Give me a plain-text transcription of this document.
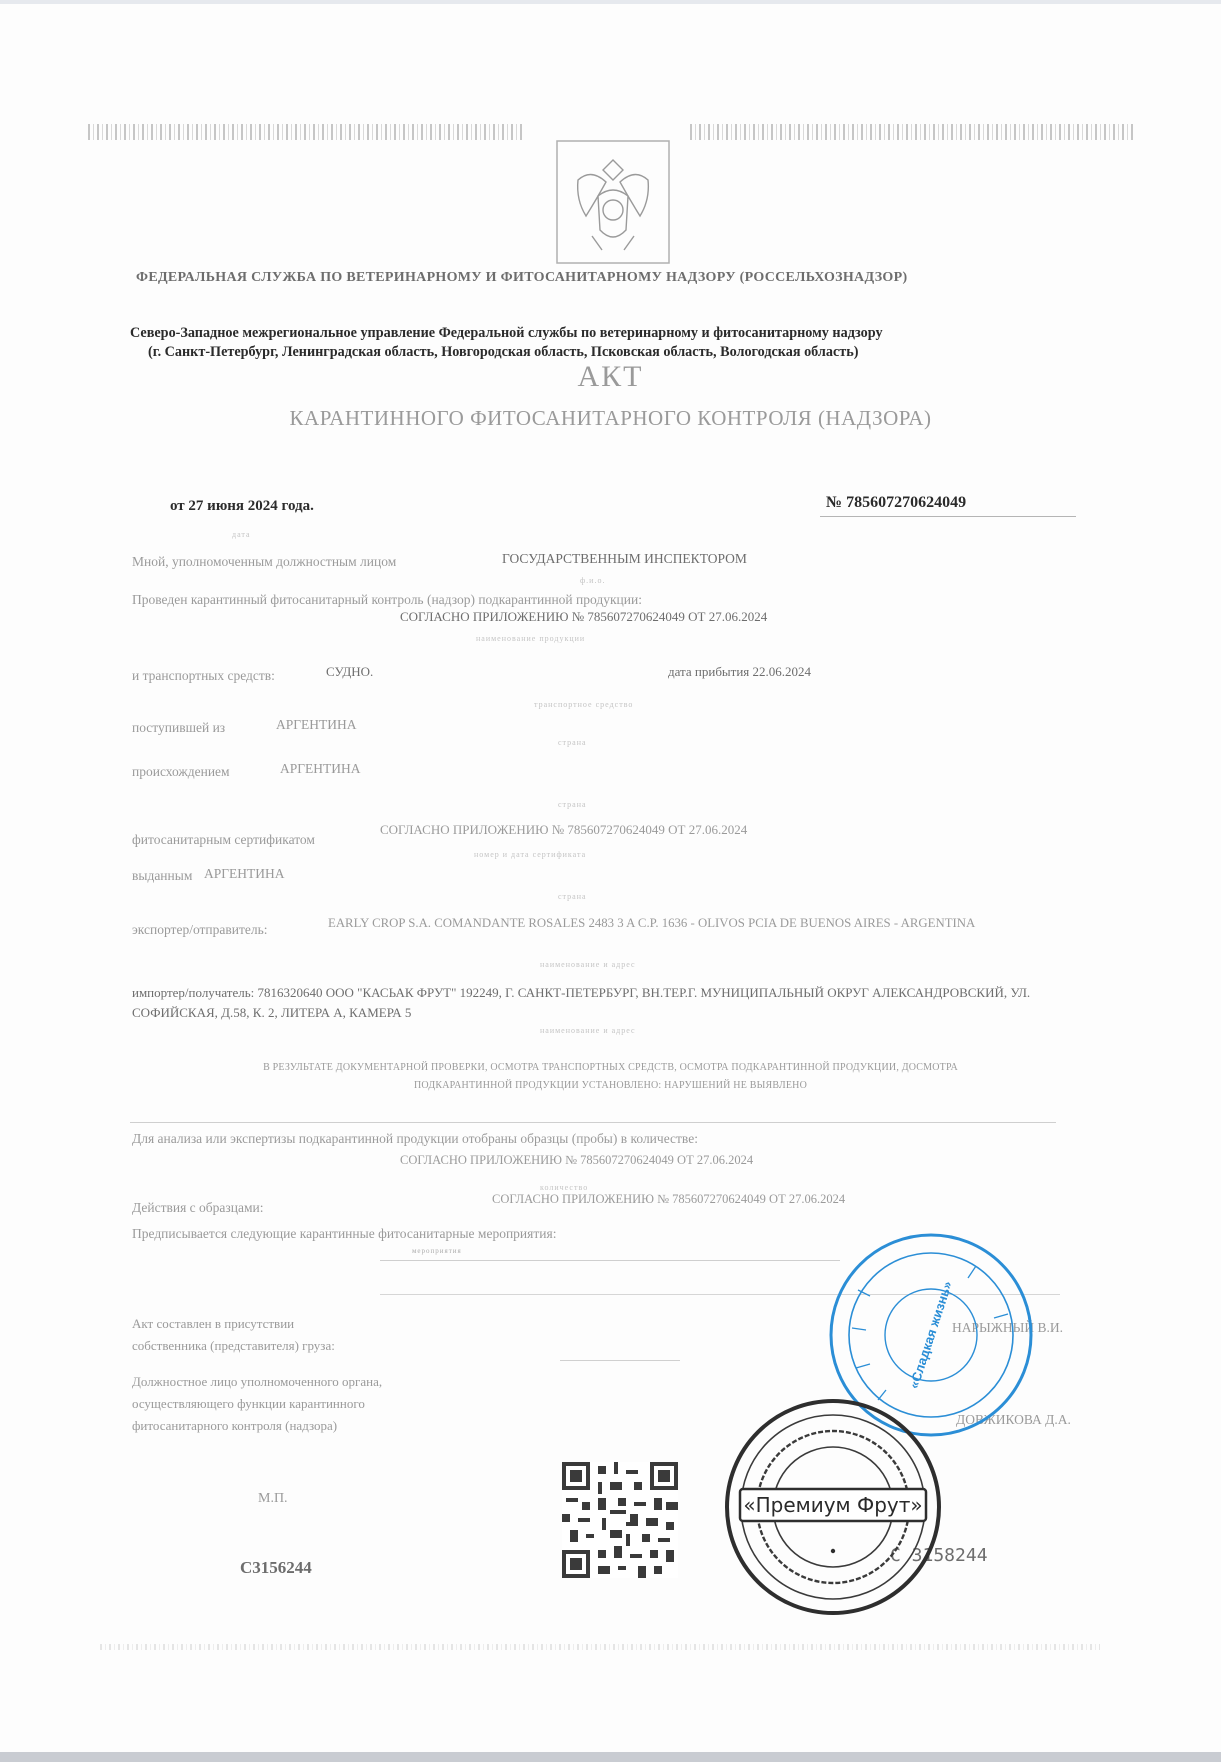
ФЕДЕРАЛЬНАЯ СЛУЖБА ПО ВЕТЕРИНАРНОМУ И ФИТОСАНИТАРНОМУ НАДЗОРУ (РОССЕЛЬХОЗНАДЗОР)
Северо-Западное межрегиональное управление Федеральной службы по ветеринарному и фитосанитарному надзору
(г. Санкт-Петербург, Ленинградская область, Новгородская область, Псковская область, Вологодская область)
АКТ
КАРАНТИННОГО ФИТОСАНИТАРНОГО КОНТРОЛЯ (НАДЗОРА)
от 27 июня 2024 года.
дата
№ 785607270624049
Мной, уполномоченным должностным лицом	ГОСУДАРСТВЕННЫМ ИНСПЕКТОРОМ
ф.и.о.
Проведен карантинный фитосанитарный контроль (надзор) подкарантинной продукции:
СОГЛАСНО ПРИЛОЖЕНИЮ № 785607270624049 ОТ 27.06.2024
наименование продукции
и транспортных средств:	СУДНО.	дата прибытия 22.06.2024
транспортное средство
поступившей из	АРГЕНТИНА
страна
происхождением	АРГЕНТИНА
страна
фитосанитарным сертификатом
СОГЛАСНО ПРИЛОЖЕНИЮ № 785607270624049 ОТ 27.06.2024
номер и дата сертификата
выданным АРГЕНТИНА
страна
экспортер/отправитель:	EARLY CROP S.A. COMANDANTE ROSALES 2483 3 A C.P. 1636 - OLIVOS PCIA DE BUENOS AIRES - ARGENTINA
наименование и адрес
импортер/получатель: 7816320640 ООО "КАСЬАК ФРУТ" 192249, Г. САНКТ-ПЕТЕРБУРГ, ВН.ТЕР.Г. МУНИЦИПАЛЬНЫЙ ОКРУГ АЛЕКСАНДРОВСКИЙ, УЛ. СОФИЙСКАЯ, Д.58, К. 2, ЛИТЕРА А, КАМЕРА 5
наименование и адрес
В РЕЗУЛЬТАТЕ ДОКУМЕНТАРНОЙ ПРОВЕРКИ, ОСМОТРА ТРАНСПОРТНЫХ СРЕДСТВ, ОСМОТРА ПОДКАРАНТИННОЙ ПРОДУКЦИИ, ДОСМОТРА
ПОДКАРАНТИННОЙ ПРОДУКЦИИ УСТАНОВЛЕНО: НАРУШЕНИЙ НЕ ВЫЯВЛЕНО
Для анализа или экспертизы подкарантинной продукции отобраны образцы (пробы) в количестве:
СОГЛАСНО ПРИЛОЖЕНИЮ № 785607270624049 ОТ 27.06.2024
количество
Действия с образцами:
СОГЛАСНО ПРИЛОЖЕНИЮ № 785607270624049 ОТ 27.06.2024
Предписывается следующие карантинные фитосанитарные мероприятия:
мероприятия
Акт составлен в присутствии
собственника (представителя) груза:
НАРЫЖНЫЙ В.И.
Должностное лицо уполномоченного органа,
осуществляющего функции карантинного
фитосанитарного контроля (надзора)	ДОВЖИКОВА Д.А.
М.П.
С3156244
С 3158244
«Сладкая жизнь»
«Премиум Фрут»
